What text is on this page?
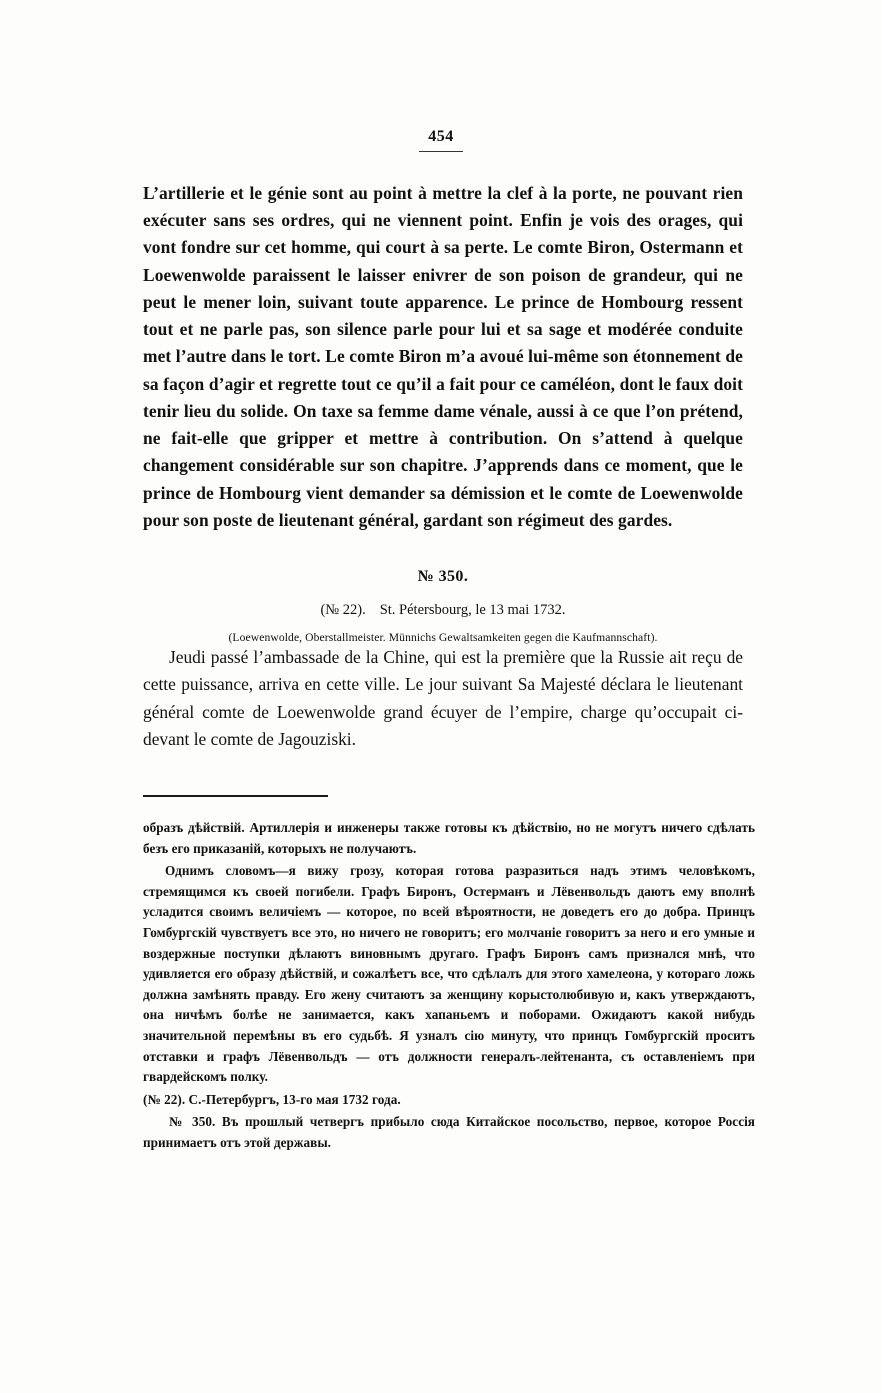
454

L’artillerie et le génie sont au point à mettre la clef à la porte, ne pouvant rien exécuter sans ses ordres, qui ne viennent point. Enfin je vois des orages, qui vont fondre sur cet homme, qui court à sa perte. Le comte Biron, Ostermann et Loewenwolde paraissent le laisser enivrer de son poison de grandeur, qui ne peut le mener loin, suivant toute apparence. Le prince de Hombourg ressent tout et ne parle pas, son silence parle pour lui et sa sage et modérée conduite met l’autre dans le tort. Le comte Biron m’a avoué lui-même son étonnement de sa façon d’agir et regrette tout ce qu’il a fait pour ce caméléon, dont le faux doit tenir lieu du solide. On taxe sa femme dame vénale, aussi à ce que l’on prétend, ne fait-elle que gripper et mettre à contribution. On s’attend à quelque changement considérable sur son chapitre. J’apprends dans ce moment, que le prince de Hombourg vient demander sa démission et le comte de Loewenwolde pour son poste de lieutenant général, gardant son régimeut des gardes.

№ 350.
(№ 22). St. Pétersbourg, le 13 mai 1732.
(Loewenwolde, Oberstallmeister. Münnichs Gewaltsamkeiten gegen die Kaufmannschaft).

Jeudi passé l’ambassade de la Chine, qui est la première que la Russie ait reçu de cette puissance, arriva en cette ville. Le jour suivant Sa Majesté déclara le lieutenant général comte de Loewenwolde grand écuyer de l’empire, charge qu’occupait ci-devant le comte de Jagouziski.

образъ дѣйствій. Артиллерія и инженеры также готовы къ дѣйствію, но не могутъ ничего сдѣлать безъ его приказаній, которыхъ не получаютъ.

Однимъ словомъ—я вижу грозу, которая готова разразиться надъ этимъ человѣкомъ, стремящимся къ своей погибели. Графъ Биронъ, Остерманъ и Лёвенвольдъ даютъ ему вполнѣ усладится своимъ величіемъ — которое, по всей вѣроятности, не доведетъ его до добра. Принцъ Гомбургскій чувствуетъ все это, но ничего не говоритъ; его молчаніе говоритъ за него и его умные и воздержные поступки дѣлаютъ виновнымъ другаго. Графъ Биронъ самъ признался мнѣ, что удивляется его образу дѣйствій, и сожалѣетъ все, что сдѣлалъ для этого хамелеона, у котораго ложь должна замѣнять правду. Его жену считаютъ за женщину корыстолюбивую и, какъ утверждаютъ, она ничѣмъ болѣе не занимается, какъ хапаньемъ и поборами. Ожидаютъ какой нибудь значительной перемѣны въ его судьбѣ. Я узналъ сію минуту, что принцъ Гомбургскій проситъ отставки и графъ Лёвенвольдъ — отъ должности генералъ-лейтенанта, съ оставленіемъ при гвардейскомъ полку.

(№ 22). С.-Петербургъ, 13-го мая 1732 года.

№ 350. Въ прошлый четвергъ прибыло сюда Китайское посольство, первое, которое Россія принимаетъ отъ этой державы.
